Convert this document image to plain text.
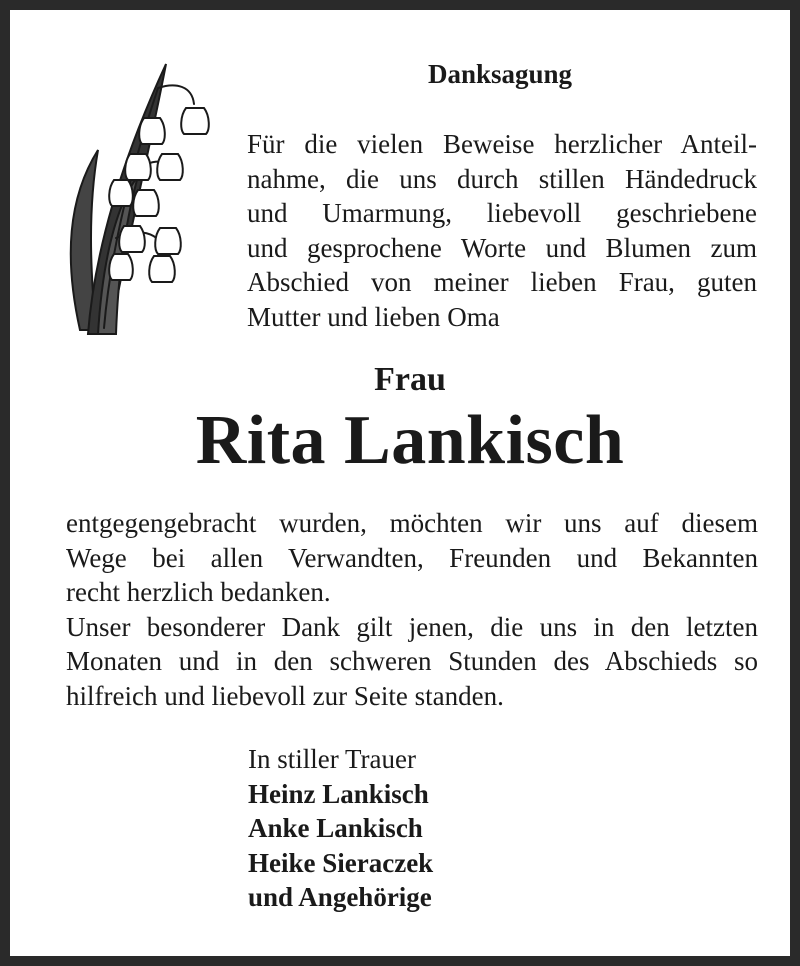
Danksagung
Für die vielen Beweise herzlicher Anteil-
nahme, die uns durch stillen Händedruck
und Umarmung, liebevoll geschriebene
und gesprochene Worte und Blumen zum
Abschied von meiner lieben Frau, guten
Mutter und lieben Oma
Frau
Rita Lankisch
entgegengebracht wurden, möchten wir uns auf diesem
Wege bei allen Verwandten, Freunden und Bekannten
recht herzlich bedanken.
Unser besonderer Dank gilt jenen, die uns in den letzten
Monaten und in den schweren Stunden des Abschieds so
hilfreich und liebevoll zur Seite standen.
In stiller Trauer
Heinz Lankisch
Anke Lankisch
Heike Sieraczek
und Angehörige
